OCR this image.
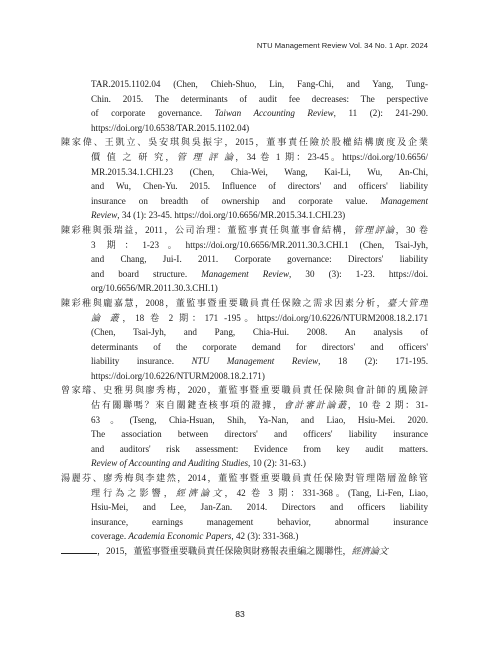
NTU Management Review Vol. 34 No. 1 Apr. 2024
TAR.2015.1102.04 (Chen, Chieh-Shuo, Lin, Fang-Chi, and Yang, Tung-
Chin. 2015. The determinants of audit fee decreases: The perspective
of corporate governance. Taiwan Accounting Review, 11 (2): 241-290.
https://doi.org/10.6538/TAR.2015.1102.04)
陳家偉、王凱立、吳安琪與吳振宇，2015，董事責任險於股權結構廣度及企業
價 值 之 研 究，管 理 評 論，34 卷 1 期：23-45。https://doi.org/10.6656/
MR.2015.34.1.CHI.23 (Chen, Chia-Wei, Wang, Kai-Li, Wu, An-Chi,
and Wu, Chen-Yu. 2015. Influence of directors' and officers' liability
insurance on breadth of ownership and corporate value. Management
Review, 34 (1): 23-45. https://doi.org/10.6656/MR.2015.34.1.CHI.23)
陳彩稚與張瑞益，2011，公司治理：董監事責任與董事會結構，管理評論，30 卷
3 期：1-23。https://doi.org/10.6656/MR.2011.30.3.CHI.1 (Chen, Tsai-Jyh,
and Chang, Jui-I. 2011. Corporate governance: Directors' liability
and board structure. Management Review, 30 (3): 1-23. https://doi.
org/10.6656/MR.2011.30.3.CHI.1)
陳彩稚與龐嘉慧，2008，董監事暨重要職員責任保險之需求因素分析，臺大管理
論 叢，18 卷 2 期：171 -195。https://doi.org/10.6226/NTURM2008.18.2.171
(Chen, Tsai-Jyh, and Pang, Chia-Hui. 2008. An analysis of
determinants of the corporate demand for directors' and officers'
liability insurance. NTU Management Review, 18 (2): 171-195.
https://doi.org/10.6226/NTURM2008.18.2.171)
曾家璿、史雅男與廖秀梅，2020，董監事暨重要職員責任保險與會計師的風險評
估有關聯嗎？來自關鍵查核事項的證據，會計審計論叢，10 卷 2 期：31-
63。(Tseng, Chia-Hsuan, Shih, Ya-Nan, and Liao, Hsiu-Mei. 2020.
The association between directors' and officers' liability insurance
and auditors' risk assessment: Evidence from key audit matters.
Review of Accounting and Auditing Studies, 10 (2): 31-63.)
湯麗芬、廖秀梅與李建然，2014，董監事暨重要職員責任保險對管理階層盈餘管
理行為之影響，經濟論文，42 卷 3 期：331-368。(Tang, Li-Fen, Liao,
Hsiu-Mei, and Lee, Jan-Zan. 2014. Directors and officers liability
insurance, earnings management behavior, abnormal insurance
coverage. Academia Economic Papers, 42 (3): 331-368.)
，2015，董監事暨重要職員責任保險與財務報表重編之關聯性，經濟論文
83
